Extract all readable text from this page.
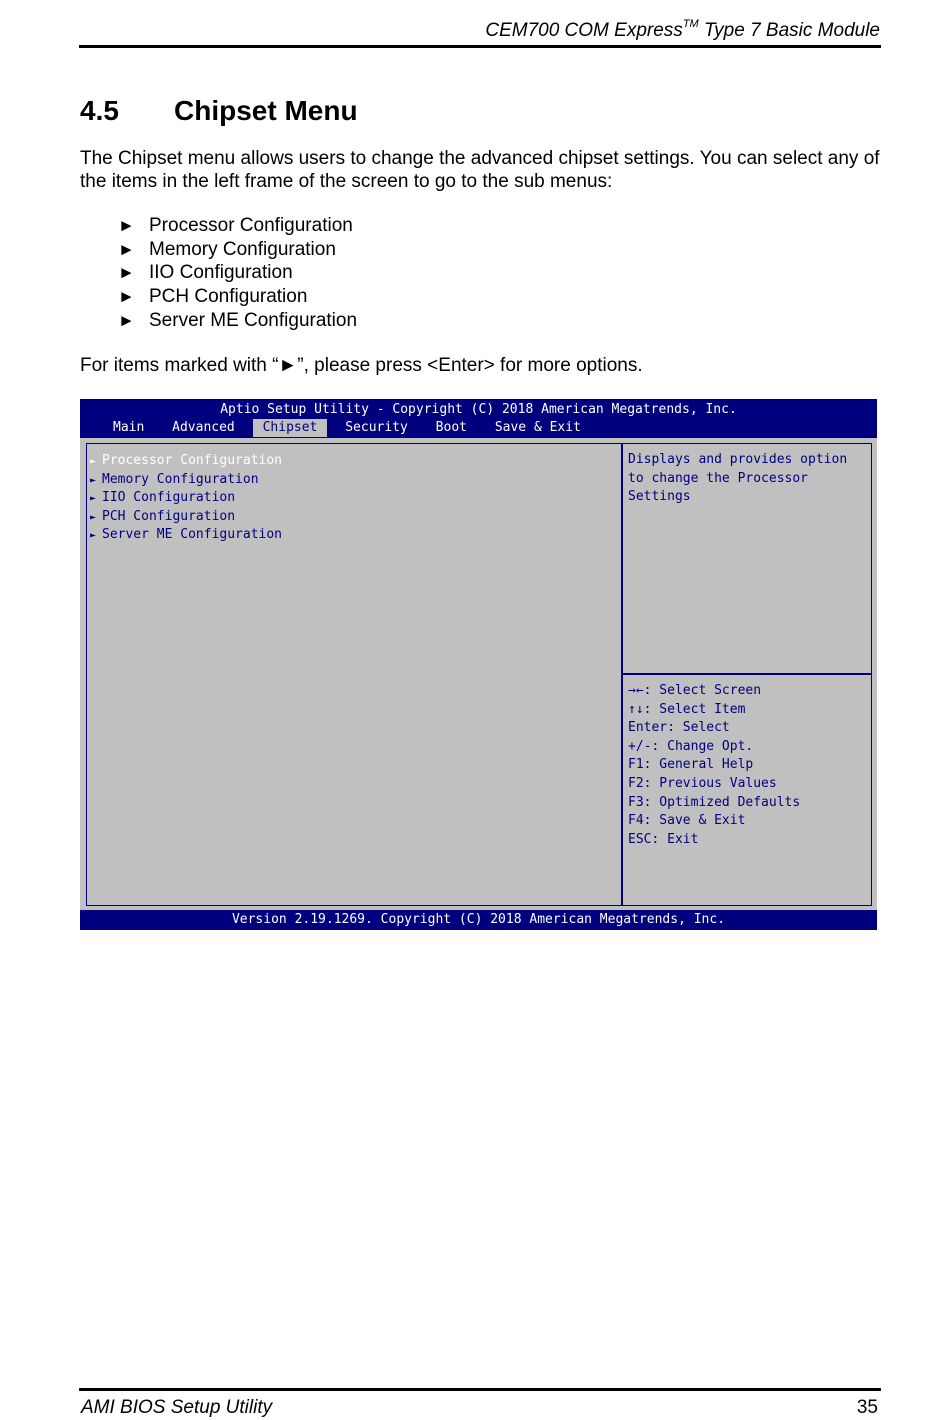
CEM700 COM Express™ Type 7 Basic Module
4.5 Chipset Menu
The Chipset menu allows users to change the advanced chipset settings. You can select any of the items in the left frame of the screen to go to the sub menus:
► Processor Configuration
► Memory Configuration
► IIO Configuration
► PCH Configuration
► Server ME Configuration
For items marked with “►”, please press <Enter> for more options.
Aptio Setup Utility - Copyright (C) 2018 American Megatrends, Inc.
Main Advanced Chipset Security Boot Save & Exit
► Processor Configuration
► Memory Configuration
► IIO Configuration
► PCH Configuration
► Server ME Configuration
Displays and provides option to change the Processor Settings
→←: Select Screen
↑↓: Select Item
Enter: Select
+/-: Change Opt.
F1: General Help
F2: Previous Values
F3: Optimized Defaults
F4: Save & Exit
ESC: Exit
Version 2.19.1269. Copyright (C) 2018 American Megatrends, Inc.
AMI BIOS Setup Utility	35
